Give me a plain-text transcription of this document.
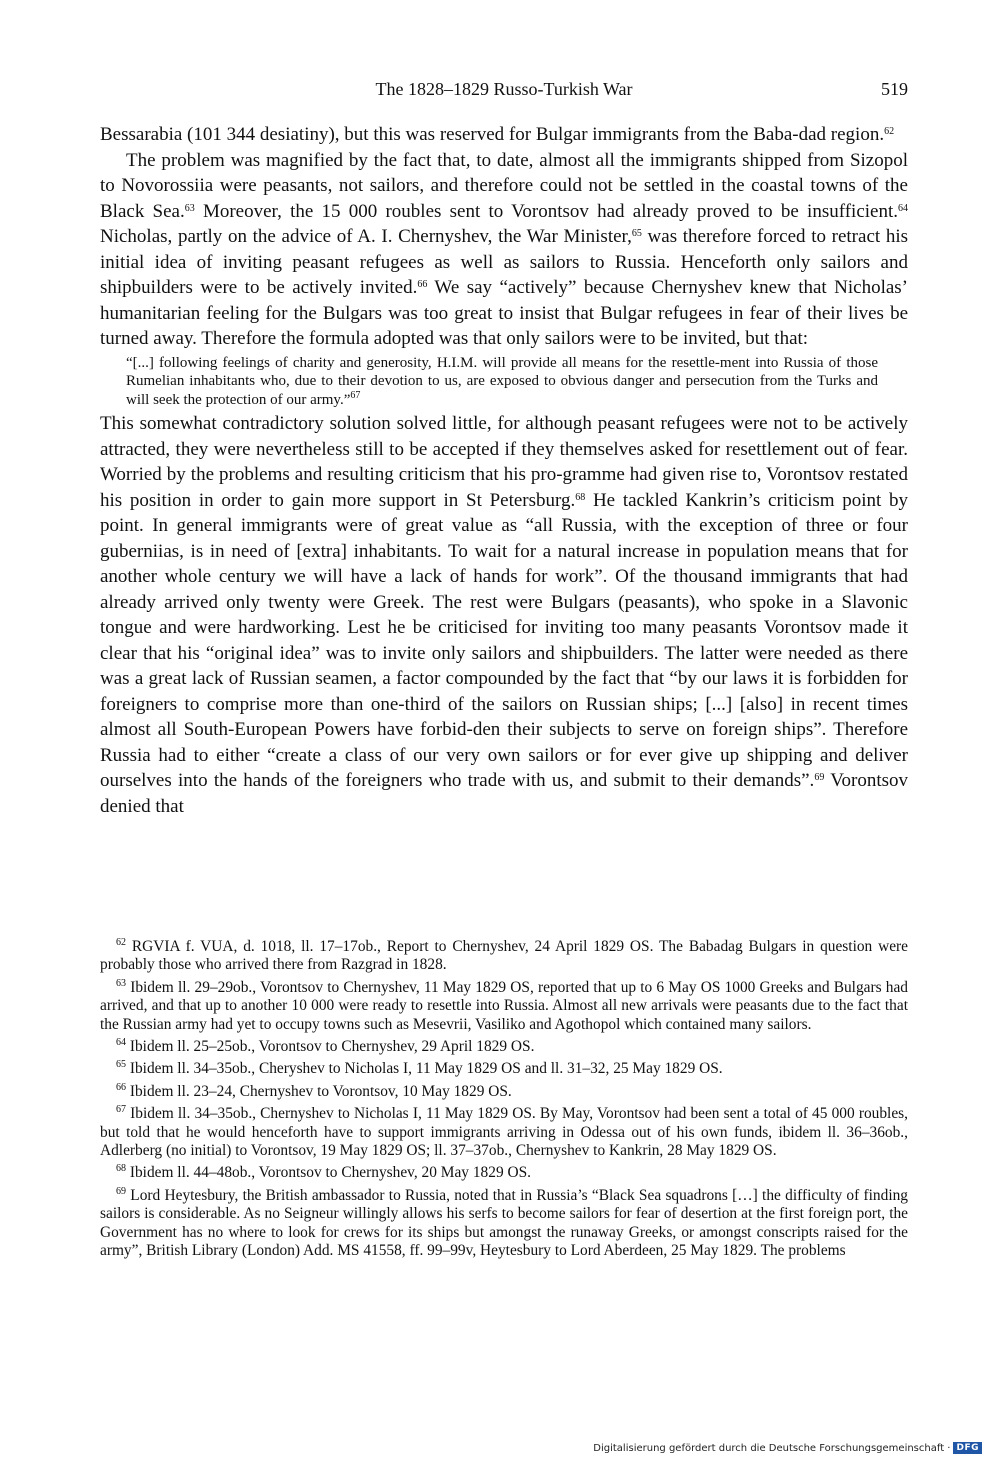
The 1828–1829 Russo-Turkish War	519

Bessarabia (101 344 desiatiny), but this was reserved for Bulgar immigrants from the Baba-dad region.$^{62}$

The problem was magnified by the fact that, to date, almost all the immigrants shipped from Sizopol to Novorossiia were peasants, not sailors, and therefore could not be settled in the coastal towns of the Black Sea.$^{63}$ Moreover, the 15 000 roubles sent to Vorontsov had already proved to be insufficient.$^{64}$ Nicholas, partly on the advice of A. I. Chernyshev, the War Minister,$^{65}$ was therefore forced to retract his initial idea of inviting peasant refugees as well as sailors to Russia. Henceforth only sailors and shipbuilders were to be actively invited.$^{66}$ We say “actively” because Chernyshev knew that Nicholas’ humanitarian feeling for the Bulgars was too great to insist that Bulgar refugees in fear of their lives be turned away. Therefore the formula adopted was that only sailors were to be invited, but that:

“[...] following feelings of charity and generosity, H.I.M. will provide all means for the resettle-ment into Russia of those Rumelian inhabitants who, due to their devotion to us, are exposed to obvious danger and persecution from the Turks and will seek the protection of our army.”$^{67}$

This somewhat contradictory solution solved little, for although peasant refugees were not to be actively attracted, they were nevertheless still to be accepted if they themselves asked for resettlement out of fear. Worried by the problems and resulting criticism that his pro-gramme had given rise to, Vorontsov restated his position in order to gain more support in St Petersburg.$^{68}$ He tackled Kankrin’s criticism point by point. In general immigrants were of great value as “all Russia, with the exception of three or four guberniias, is in need of [extra] inhabitants. To wait for a natural increase in population means that for another whole century we will have a lack of hands for work”. Of the thousand immigrants that had already arrived only twenty were Greek. The rest were Bulgars (peasants), who spoke in a Slavonic tongue and were hardworking. Lest he be criticised for inviting too many peasants Vorontsov made it clear that his “original idea” was to invite only sailors and shipbuilders. The latter were needed as there was a great lack of Russian seamen, a factor compounded by the fact that “by our laws it is forbidden for foreigners to comprise more than one-third of the sailors on Russian ships; [...] [also] in recent times almost all South-European Powers have forbid-den their subjects to serve on foreign ships”. Therefore Russia had to either “create a class of our very own sailors or for ever give up shipping and deliver ourselves into the hands of the foreigners who trade with us, and submit to their demands”.$^{69}$ Vorontsov denied that

$^{62}$ RGVIA f. VUA, d. 1018, ll. 17–17ob., Report to Chernyshev, 24 April 1829 OS. The Babadag Bulgars in question were probably those who arrived there from Razgrad in 1828.

$^{63}$ Ibidem ll. 29–29ob., Vorontsov to Chernyshev, 11 May 1829 OS, reported that up to 6 May OS 1000 Greeks and Bulgars had arrived, and that up to another 10 000 were ready to resettle into Russia. Almost all new arrivals were peasants due to the fact that the Russian army had yet to occupy towns such as Mesevrii, Vasiliko and Agothopol which contained many sailors.

$^{64}$ Ibidem ll. 25–25ob., Vorontsov to Chernyshev, 29 April 1829 OS.

$^{65}$ Ibidem ll. 34–35ob., Cheryshev to Nicholas I, 11 May 1829 OS and ll. 31–32, 25 May 1829 OS.

$^{66}$ Ibidem ll. 23–24, Chernyshev to Vorontsov, 10 May 1829 OS.

$^{67}$ Ibidem ll. 34–35ob., Chernyshev to Nicholas I, 11 May 1829 OS. By May, Vorontsov had been sent a total of 45 000 roubles, but told that he would henceforth have to support immigrants arriving in Odessa out of his own funds, ibidem ll. 36–36ob., Adlerberg (no initial) to Vorontsov, 19 May 1829 OS; ll. 37–37ob., Chernyshev to Kankrin, 28 May 1829 OS.

$^{68}$ Ibidem ll. 44–48ob., Vorontsov to Chernyshev, 20 May 1829 OS.

$^{69}$ Lord Heytesbury, the British ambassador to Russia, noted that in Russia’s “Black Sea squadrons […] the difficulty of finding sailors is considerable. As no Seigneur willingly allows his serfs to become sailors for fear of desertion at the first foreign port, the Government has no where to look for crews for its ships but amongst the runaway Greeks, or amongst conscripts raised for the army”, British Library (London) Add. MS 41558, ff. 99–99v, Heytesbury to Lord Aberdeen, 25 May 1829. The problems

Digitalisierung gefördert durch die Deutsche Forschungsgemeinschaft · DFG
